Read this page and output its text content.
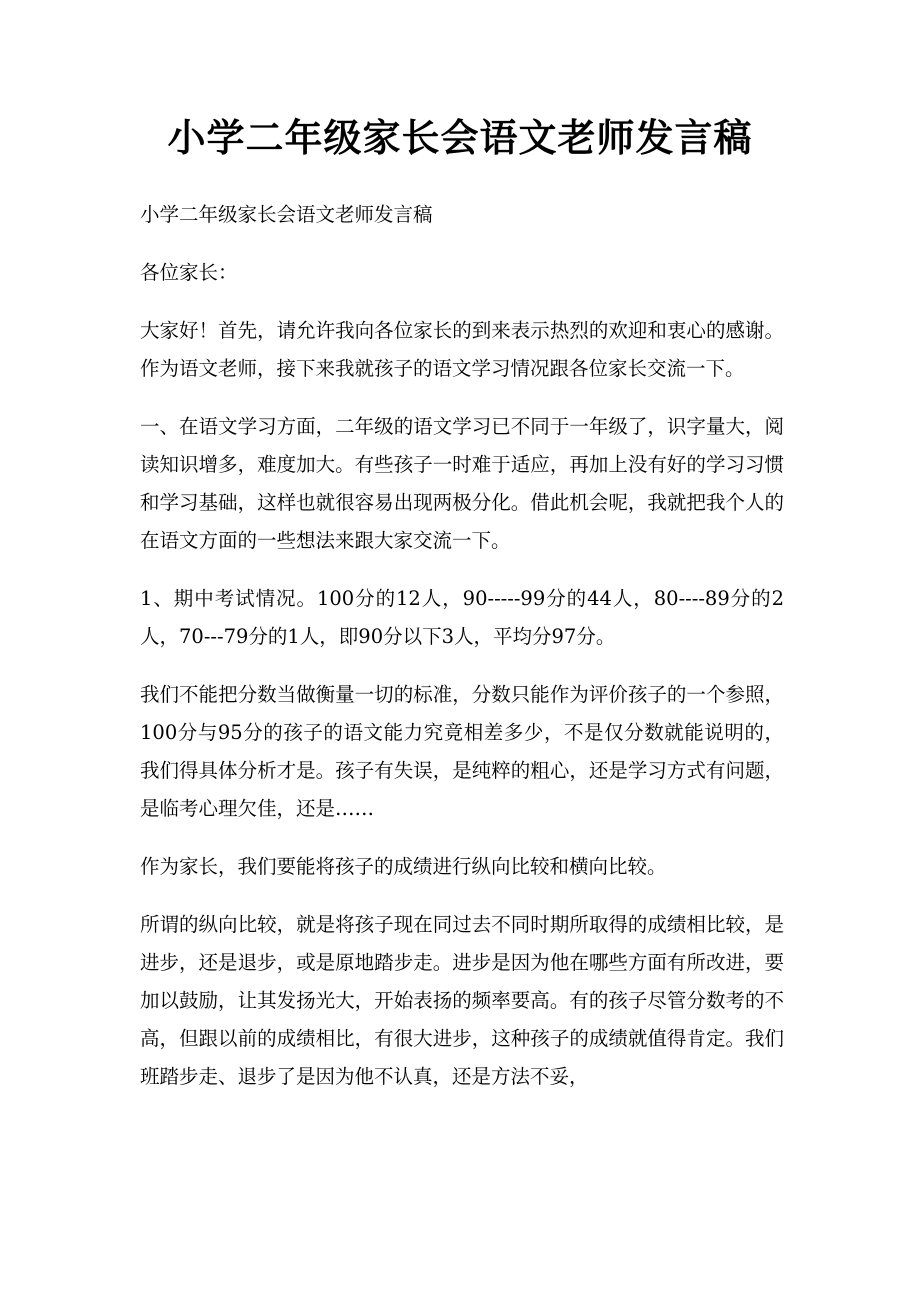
小学二年级家长会语文老师发言稿

小学二年级家长会语文老师发言稿

各位家长：

大家好！首先，请允许我向各位家长的到来表示热烈的欢迎和衷心的感谢。作为语文老师，接下来我就孩子的语文学习情况跟各位家长交流一下。

一、在语文学习方面，二年级的语文学习已不同于一年级了，识字量大，阅读知识增多，难度加大。有些孩子一时难于适应，再加上没有好的学习习惯和学习基础，这样也就很容易出现两极分化。借此机会呢，我就把我个人的在语文方面的一些想法来跟大家交流一下。

1、期中考试情况。100分的12人，90-----99分的44人，80----89分的2人，70---79分的1人，即90分以下3人，平均分97分。

我们不能把分数当做衡量一切的标准，分数只能作为评价孩子的一个参照，100分与95分的孩子的语文能力究竟相差多少，不是仅分数就能说明的，我们得具体分析才是。孩子有失误，是纯粹的粗心，还是学习方式有问题，是临考心理欠佳，还是……

作为家长，我们要能将孩子的成绩进行纵向比较和横向比较。

所谓的纵向比较，就是将孩子现在同过去不同时期所取得的成绩相比较，是进步，还是退步，或是原地踏步走。进步是因为他在哪些方面有所改进，要加以鼓励，让其发扬光大，开始表扬的频率要高。有的孩子尽管分数考的不高，但跟以前的成绩相比，有很大进步，这种孩子的成绩就值得肯定。我们班踏步走、退步了是因为他不认真，还是方法不妥，
